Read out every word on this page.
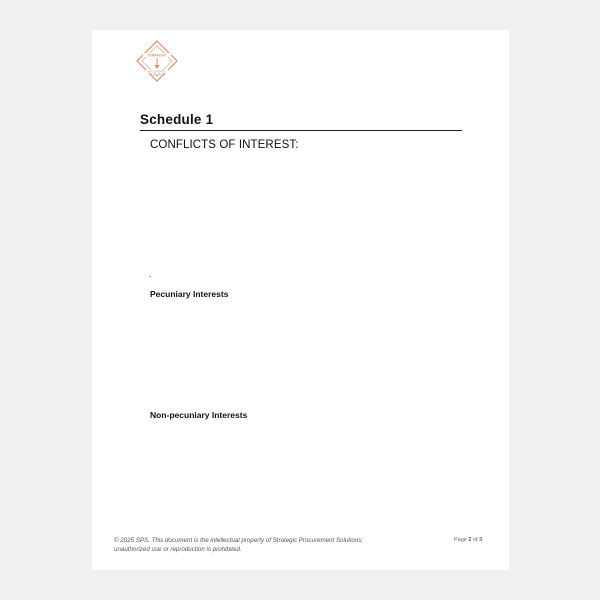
STRATEGIC
PROCUREMENT
SOLUTIONS
Schedule 1
CONFLICTS OF INTEREST:
.
Pecuniary Interests
Non-pecuniary Interests
© 2025 SPS. This document is the intellectual property of Strategic Procurement Solutions; unauthorized use or reproduction is prohibited.
Page 2 of 3
